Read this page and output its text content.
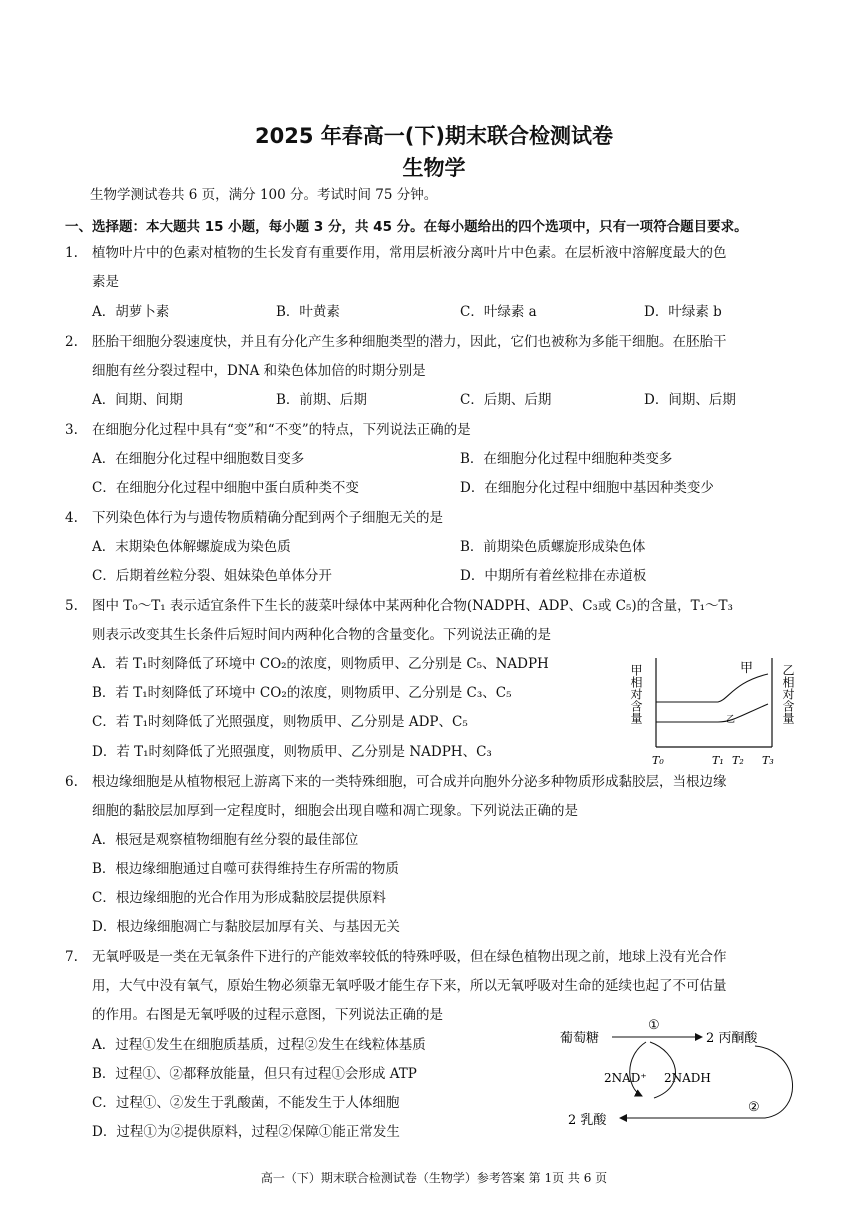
2025 年春高一(下)期末联合检测试卷
生物学
生物学测试卷共 6 页，满分 100 分。考试时间 75 分钟。
一、选择题：本大题共 15 小题，每小题 3 分，共 45 分。在每小题给出的四个选项中，只有一项符合题目要求。
1. 植物叶片中的色素对植物的生长发育有重要作用，常用层析液分离叶片中色素。在层析液中溶解度最大的色
素是
A．胡萝卜素	B．叶黄素	C．叶绿素 a	D．叶绿素 b
2. 胚胎干细胞分裂速度快，并且有分化产生多种细胞类型的潜力，因此，它们也被称为多能干细胞。在胚胎干
细胞有丝分裂过程中，DNA 和染色体加倍的时期分别是
A．间期、间期	B．前期、后期	C．后期、后期	D．间期、后期
3. 在细胞分化过程中具有“变”和“不变”的特点，下列说法正确的是
A．在细胞分化过程中细胞数目变多	B．在细胞分化过程中细胞种类变多
C．在细胞分化过程中细胞中蛋白质种类不变	D．在细胞分化过程中细胞中基因种类变少
4. 下列染色体行为与遗传物质精确分配到两个子细胞无关的是
A．末期染色体解螺旋成为染色质	B．前期染色质螺旋形成染色体
C．后期着丝粒分裂、姐妹染色单体分开	D．中期所有着丝粒排在赤道板
5. 图中 T₀～T₁ 表示适宜条件下生长的菠菜叶绿体中某两种化合物(NADPH、ADP、C₃或 C₅)的含量，T₁～T₃
则表示改变其生长条件后短时间内两种化合物的含量变化。下列说法正确的是
A．若 T₁时刻降低了环境中 CO₂的浓度，则物质甲、乙分别是 C₅、NADPH
B．若 T₁时刻降低了环境中 CO₂的浓度，则物质甲、乙分别是 C₃、C₅
C．若 T₁时刻降低了光照强度，则物质甲、乙分别是 ADP、C₅
D．若 T₁时刻降低了光照强度，则物质甲、乙分别是 NADPH、C₃
甲
乙
甲相对含量	乙相对含量
T₀	T₁ T₂ T₃
6. 根边缘细胞是从植物根冠上游离下来的一类特殊细胞，可合成并向胞外分泌多种物质形成黏胶层，当根边缘
细胞的黏胶层加厚到一定程度时，细胞会出现自噬和凋亡现象。下列说法正确的是
A．根冠是观察植物细胞有丝分裂的最佳部位
B．根边缘细胞通过自噬可获得维持生存所需的物质
C．根边缘细胞的光合作用为形成黏胶层提供原料
D．根边缘细胞凋亡与黏胶层加厚有关、与基因无关
7. 无氧呼吸是一类在无氧条件下进行的产能效率较低的特殊呼吸，但在绿色植物出现之前，地球上没有光合作
用，大气中没有氧气，原始生物必须靠无氧呼吸才能生存下来，所以无氧呼吸对生命的延续也起了不可估量
的作用。右图是无氧呼吸的过程示意图，下列说法正确的是
A．过程①发生在细胞质基质，过程②发生在线粒体基质
B．过程①、②都释放能量，但只有过程①会形成 ATP
C．过程①、②发生于乳酸菌，不能发生于人体细胞
D．过程①为②提供原料，过程②保障①能正常发生
葡萄糖	2 丙酮酸
2 乳酸
①
②
2NAD⁺ 2NADH
高一（下）期末联合检测试卷（生物学）参考答案 第 1页 共 6 页
